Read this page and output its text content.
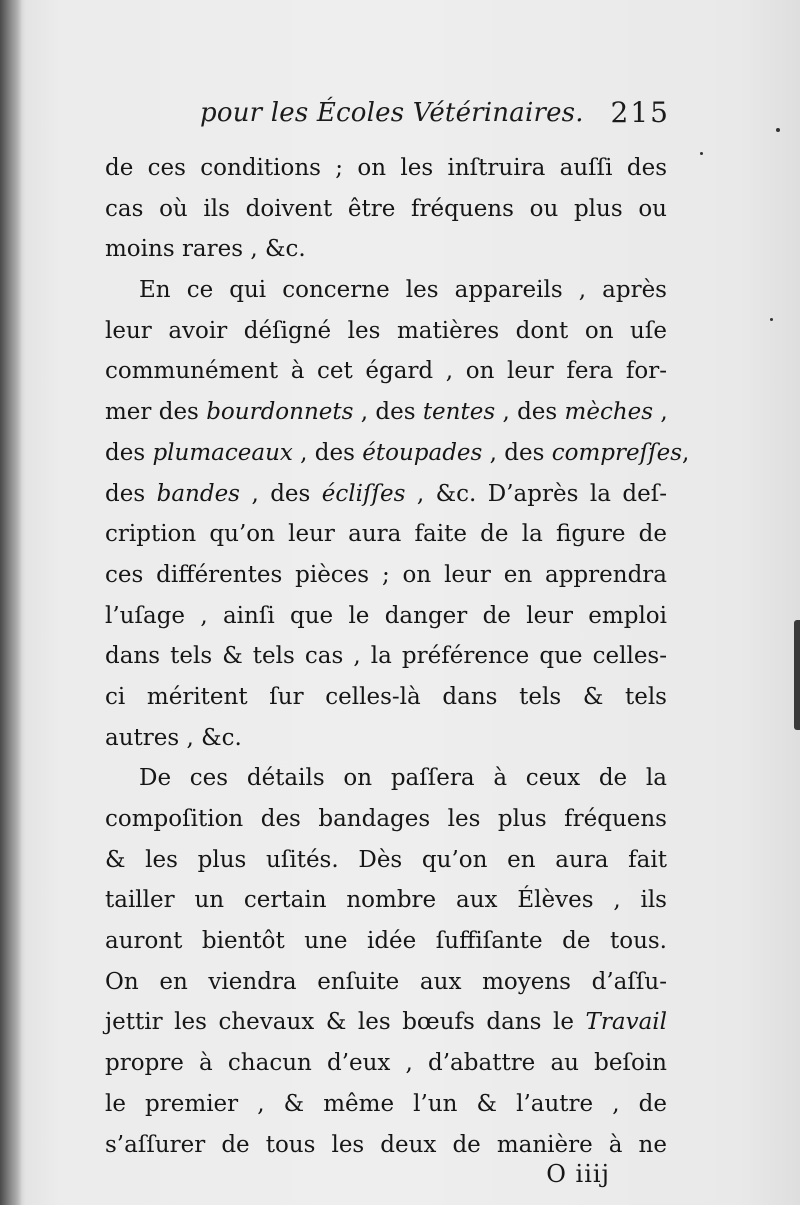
pour les Écoles Vétérinaires. 215
de ces conditions ; on les inſtruira auſſi des
cas où ils doivent être fréquens ou plus ou
moins rares , &c.
En ce qui concerne les appareils , après
leur avoir déſigné les matières dont on uſe
communément à cet égard , on leur fera for-
mer des bourdonnets , des tentes , des mèches ,
des plumaceaux , des étoupades , des compreſſes,
des bandes , des écliſſes , &c. D’après la deſ-
cription qu’on leur aura faite de la figure de
ces différentes pièces ; on leur en apprendra
l’uſage , ainſi que le danger de leur emploi
dans tels & tels cas , la préférence que celles-
ci méritent ſur celles-là dans tels & tels
autres , &c.
De ces détails on paſſera à ceux de la
compoſition des bandages les plus fréquens
& les plus uſités. Dès qu’on en aura fait
tailler un certain nombre aux Élèves , ils
auront bientôt une idée ſuffiſante de tous.
On en viendra enſuite aux moyens d’aſſu-
jettir les chevaux & les bœufs dans le Travail
propre à chacun d’eux , d’abattre au beſoin
le premier , & même l’un & l’autre , de
s’aſſurer de tous les deux de manière à ne
O iiij
